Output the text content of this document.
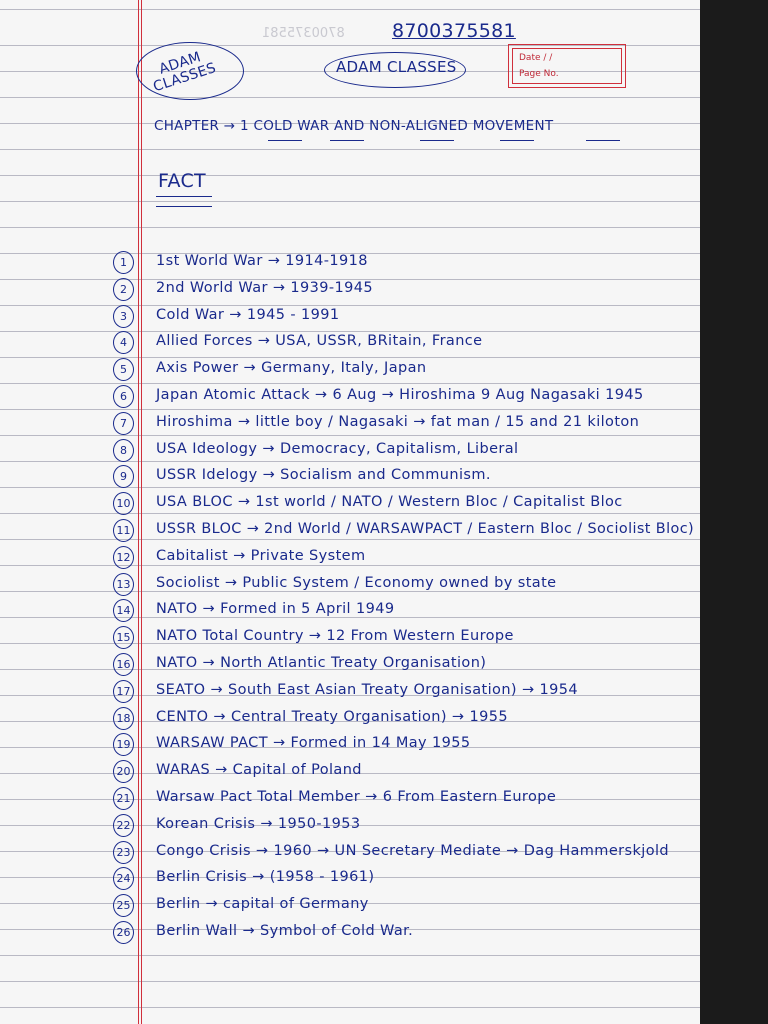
8700375581
ADAM
CLASSES
8700375581
ADAM CLASSES	Date / /
Page No.
CHAPTER → 1 COLD WAR AND NON-ALIGNED MOVEMENT
FACT
1	1st World War → 1914-1918
2	2nd World War → 1939-1945
3	Cold War → 1945 - 1991
4	Allied Forces → USA, USSR, BRitain, France
5	Axis Power → Germany, Italy, Japan
6	Japan Atomic Attack → 6 Aug → Hiroshima 9 Aug Nagasaki 1945
7	Hiroshima → little boy / Nagasaki → fat man / 15 and 21 kiloton
8	USA Ideology → Democracy, Capitalism, Liberal
9	USSR Idelogy → Socialism and Communism.
10 USA BLOC → 1st world / NATO / Western Bloc / Capitalist Bloc
11 USSR BLOC → 2nd World / WARSAWPACT / Eastern Bloc / Sociolist Bloc)
12 Cabitalist → Private System
13 Sociolist → Public System / Economy owned by state
14 NATO → Formed in 5 April 1949
15 NATO Total Country → 12 From Western Europe
16 NATO → North Atlantic Treaty Organisation)
17 SEATO → South East Asian Treaty Organisation) → 1954
18 CENTO → Central Treaty Organisation) → 1955
19 WARSAW PACT → Formed in 14 May 1955
20 WARAS → Capital of Poland
21 Warsaw Pact Total Member → 6 From Eastern Europe
22 Korean Crisis → 1950-1953
23 Congo Crisis → 1960 → UN Secretary Mediate → Dag Hammerskjold
24 Berlin Crisis → (1958 - 1961)
25 Berlin → capital of Germany
26 Berlin Wall → Symbol of Cold War.
